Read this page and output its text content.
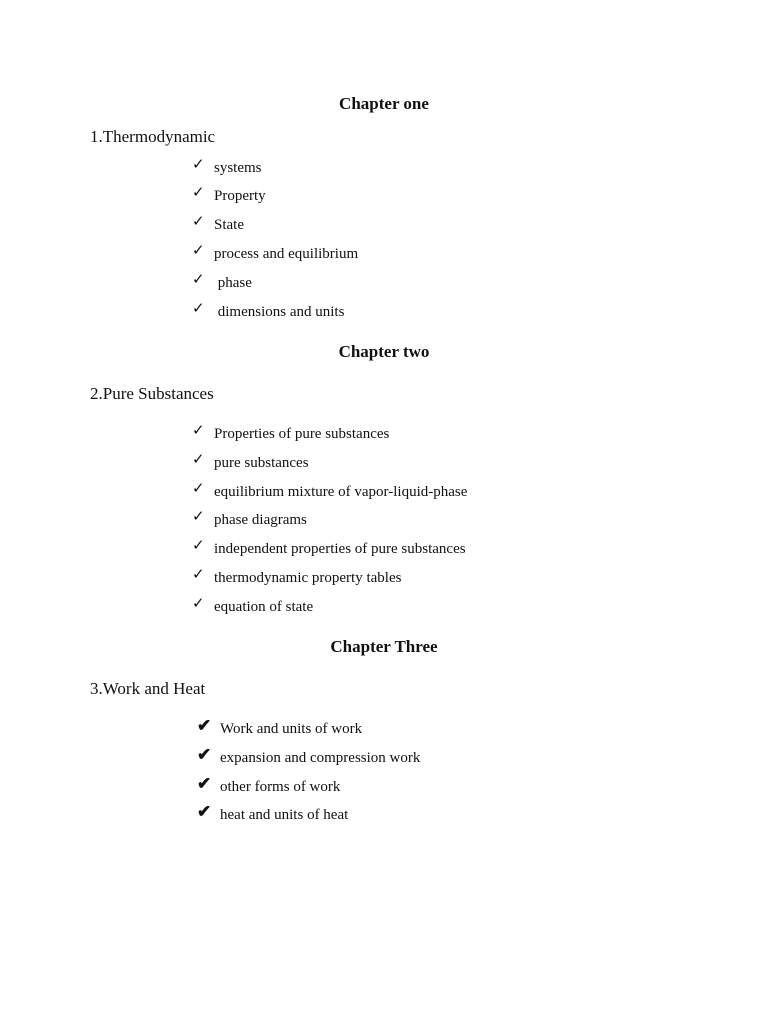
Chapter one
1.Thermodynamic
✓ systems
✓ Property
✓ State
✓ process and equilibrium
✓ phase
✓ dimensions and units
Chapter two
2.Pure Substances
✓ Properties of pure substances
✓ pure substances
✓ equilibrium mixture of vapor-liquid-phase
✓ phase diagrams
✓ independent properties of pure substances
✓ thermodynamic property tables
✓ equation of state
Chapter Three
3.Work and Heat
✔ Work and units of work
✔ expansion and compression work
✔ other forms of work
✔ heat and units of heat
